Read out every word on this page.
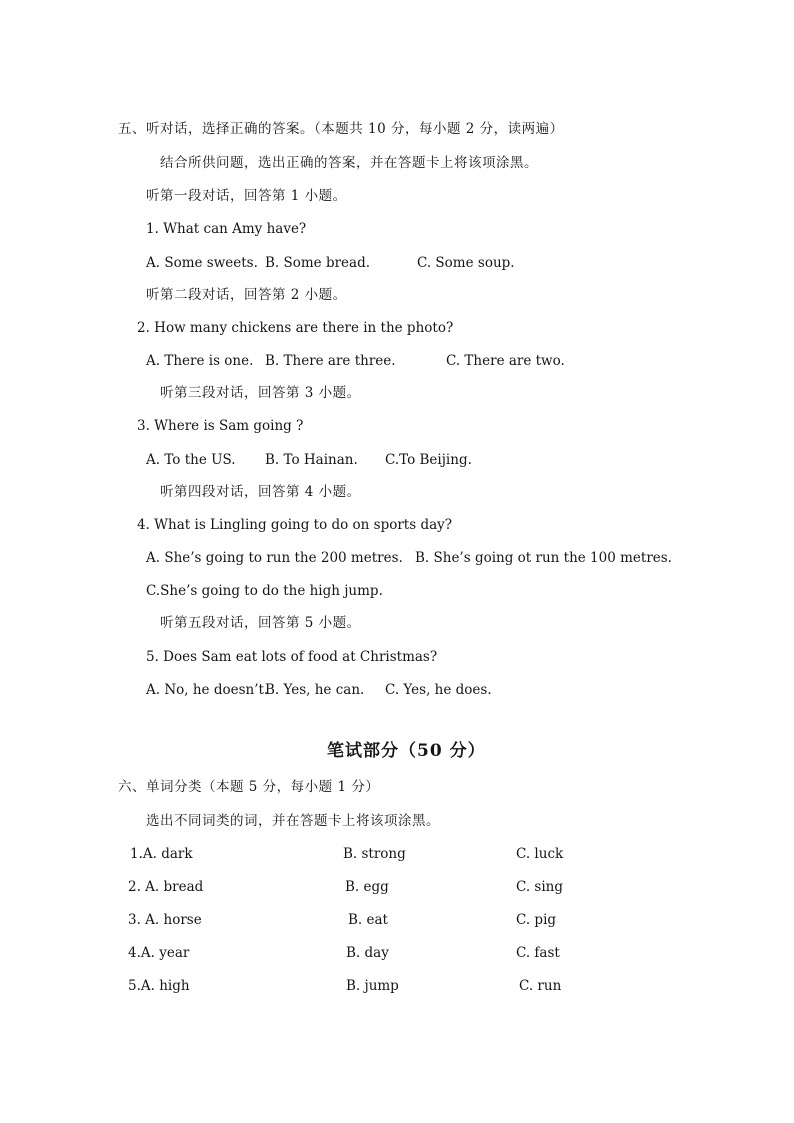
五、听对话，选择正确的答案。（本题共 10 分，每小题 2 分，读两遍）
结合所供问题，选出正确的答案，并在答题卡上将该项涂黑。
听第一段对话，回答第 1 小题。
1. What can Amy have?
A. Some sweets. B. Some bread.	C. Some soup.
听第二段对话，回答第 2 小题。
2. How many chickens are there in the photo?
A. There is one. B. There are three.	C. There are two.
听第三段对话，回答第 3 小题。
3. Where is Sam going ?
A. To the US. B. To Hainan. C.To Beijing.
听第四段对话，回答第 4 小题。
4. What is Lingling going to do on sports day?
A. She’s going to run the 200 metres. B. She’s going ot run the 100 metres.
C.She’s going to do the high jump.
听第五段对话，回答第 5 小题。
5. Does Sam eat lots of food at Christmas?
A. No, he doesn’t.
B. Yes, he can. C. Yes, he does.
笔试部分（50 分）
六、单词分类（本题 5 分，每小题 1 分）
选出不同词类的词，并在答题卡上将该项涂黑。
1.A. dark	B. strong	C. luck
2. A. bread	B. egg	C. sing
3. A. horse	B. eat	C. pig
4.A. year	B. day	C. fast
5.A. high	B. jump	C. run
